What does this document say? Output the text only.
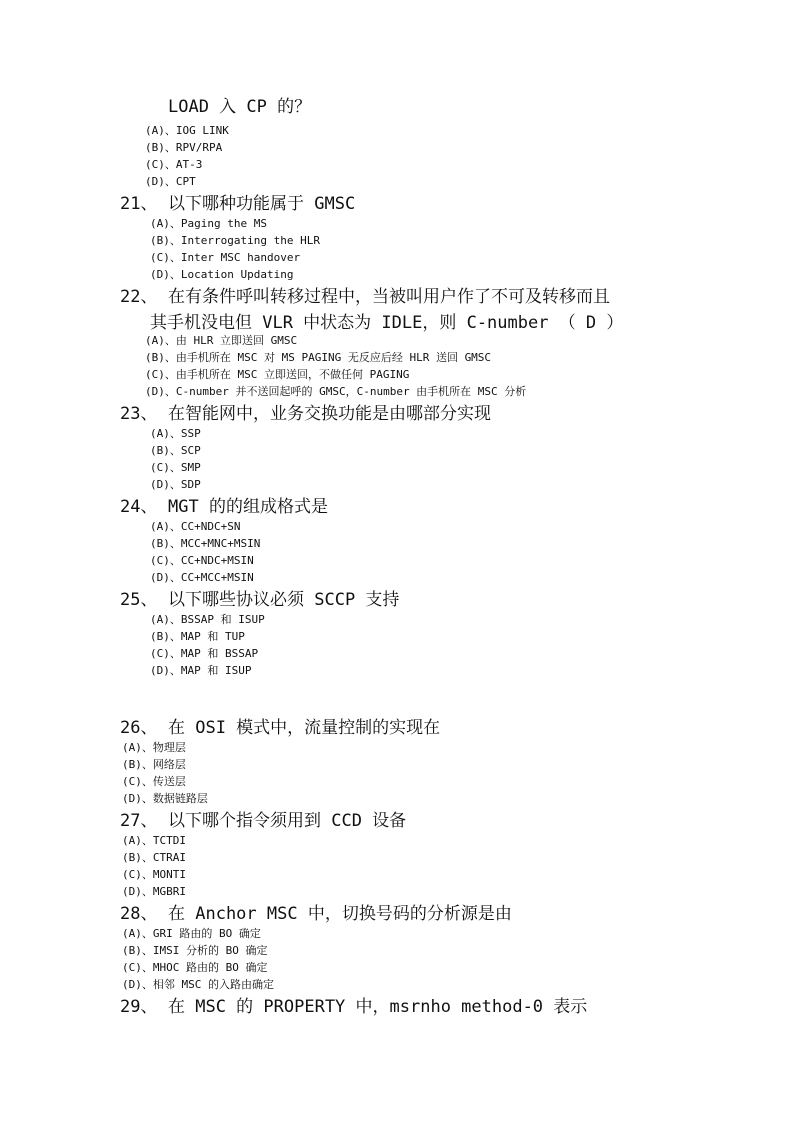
LOAD 入 CP 的？
(A)、IOG LINK
(B)、RPV/RPA
(C)、AT-3
(D)、CPT
21、 以下哪种功能属于 GMSC
(A)、Paging the MS
(B)、Interrogating the HLR
(C)、Inter MSC handover
(D)、Location Updating
22、 在有条件呼叫转移过程中，当被叫用户作了不可及转移而且
其手机没电但 VLR 中状态为 IDLE，则 C-number （ D ）
(A)、由 HLR 立即送回 GMSC
(B)、由手机所在 MSC 对 MS PAGING 无反应后经 HLR 送回 GMSC
(C)、由手机所在 MSC 立即送回，不做任何 PAGING
(D)、C-number 并不送回起呼的 GMSC，C-number 由手机所在 MSC 分析
23、 在智能网中，业务交换功能是由哪部分实现
(A)、SSP
(B)、SCP
(C)、SMP
(D)、SDP
24、 MGT 的的组成格式是
(A)、CC+NDC+SN
(B)、MCC+MNC+MSIN
(C)、CC+NDC+MSIN
(D)、CC+MCC+MSIN
25、 以下哪些协议必须 SCCP 支持
(A)、BSSAP 和 ISUP
(B)、MAP 和 TUP
(C)、MAP 和 BSSAP
(D)、MAP 和 ISUP
26、 在 OSI 模式中，流量控制的实现在
(A)、物理层
(B)、网络层
(C)、传送层
(D)、数据链路层
27、 以下哪个指令须用到 CCD 设备
(A)、TCTDI
(B)、CTRAI
(C)、MONTI
(D)、MGBRI
28、 在 Anchor MSC 中，切换号码的分析源是由
(A)、GRI 路由的 BO 确定
(B)、IMSI 分析的 BO 确定
(C)、MHOC 路由的 BO 确定
(D)、相邻 MSC 的入路由确定
29、 在 MSC 的 PROPERTY 中，msrnho method-0 表示
